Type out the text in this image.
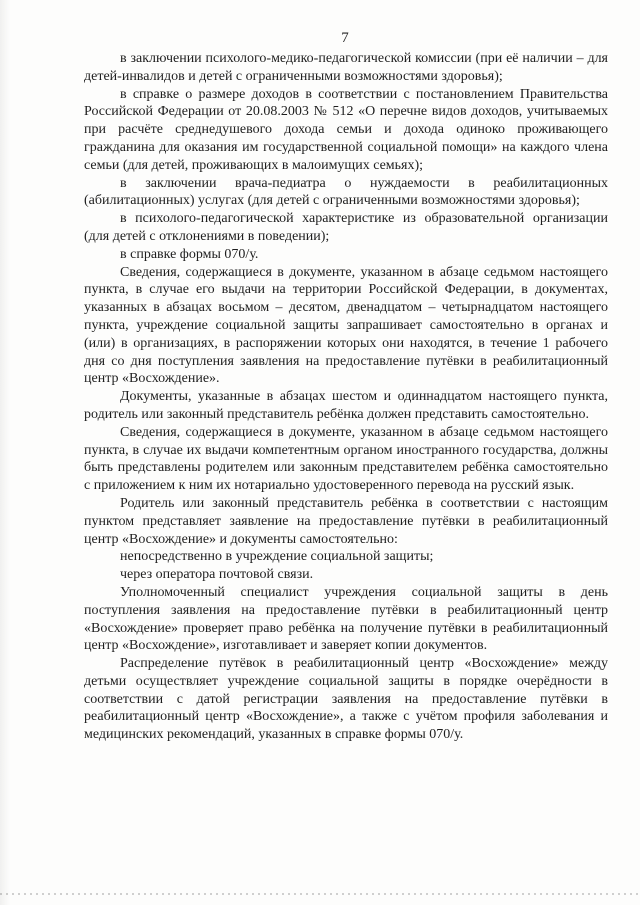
7

в заключении психолого-медико-педагогической комиссии (при её наличии – для детей-инвалидов и детей с ограниченными возможностями здоровья);

в справке о размере доходов в соответствии с постановлением Правительства Российской Федерации от 20.08.2003 № 512 «О перечне видов доходов, учитываемых при расчёте среднедушевого дохода семьи и дохода одиноко проживающего гражданина для оказания им государственной социальной помощи» на каждого члена семьи (для детей, проживающих в малоимущих семьях);

в заключении врача-педиатра о нуждаемости в реабилитационных (абилитационных) услугах (для детей с ограниченными возможностями здоровья);

в психолого-педагогической характеристике из образовательной организации (для детей с отклонениями в поведении);

в справке формы 070/у.

Сведения, содержащиеся в документе, указанном в абзаце седьмом настоящего пункта, в случае его выдачи на территории Российской Федерации, в документах, указанных в абзацах восьмом – десятом, двенадцатом – четырнадцатом настоящего пункта, учреждение социальной защиты запрашивает самостоятельно в органах и (или) в организациях, в распоряжении которых они находятся, в течение 1 рабочего дня со дня поступления заявления на предоставление путёвки в реабилитационный центр «Восхождение».

Документы, указанные в абзацах шестом и одиннадцатом настоящего пункта, родитель или законный представитель ребёнка должен представить самостоятельно.

Сведения, содержащиеся в документе, указанном в абзаце седьмом настоящего пункта, в случае их выдачи компетентным органом иностранного государства, должны быть представлены родителем или законным представителем ребёнка самостоятельно с приложением к ним их нотариально удостоверенного перевода на русский язык.

Родитель или законный представитель ребёнка в соответствии с настоящим пунктом представляет заявление на предоставление путёвки в реабилитационный центр «Восхождение» и документы самостоятельно:

непосредственно в учреждение социальной защиты;

через оператора почтовой связи.

Уполномоченный специалист учреждения социальной защиты в день поступления заявления на предоставление путёвки в реабилитационный центр «Восхождение» проверяет право ребёнка на получение путёвки в реабилитационный центр «Восхождение», изготавливает и заверяет копии документов.

Распределение путёвок в реабилитационный центр «Восхождение» между детьми осуществляет учреждение социальной защиты в порядке очерёдности в соответствии с датой регистрации заявления на предоставление путёвки в реабилитационный центр «Восхождение», а также с учётом профиля заболевания и медицинских рекомендаций, указанных в справке формы 070/у.
